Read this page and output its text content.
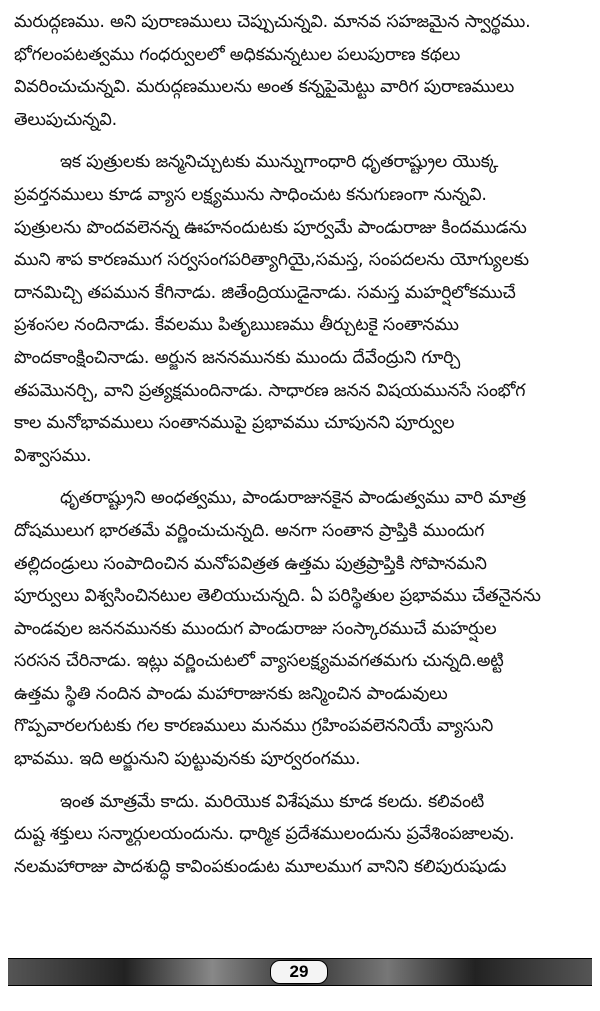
మరుద్గణము. అని పురాణములు చెప్పుచున్నవి. మానవ సహజమైన స్వార్థము.
భోగలంపటత్వము గంధర్వులలో అధికమన్నటుల పలుపురాణ కథలు
వివరించుచున్నవి. మరుద్గణములను అంత కన్నపైమెట్టు వారిగ పురాణములు
తెలుపుచున్నవి.
ఇక పుత్రులకు జన్మనిచ్చుటకు మున్నుగాంధారి ధృతరాష్ట్రుల యొక్క
ప్రవర్తనములు కూడ వ్యాస లక్ష్యమును సాధించుట కనుగుణంగా నున్నవి.
పుత్రులను పొందవలెనన్న ఊహనందుటకు పూర్వమే పాండురాజు కిందముడను
ముని శాప కారణముగ సర్వసంగపరిత్యాగియై,సమస్త, సంపదలను యోగ్యులకు
దానమిచ్చి తపమున కేగినాడు. జితేంద్రియుడైనాడు. సమస్త మహర్షిలోకముచే
ప్రశంసల నందినాడు. కేవలము పితృఋణము తీర్చుటకై సంతానము
పొందకాంక్షించినాడు. అర్జున జననమునకు ముందు దేవేంద్రుని గూర్చి
తపమొనర్చి, వాని ప్రత్యక్షమందినాడు. సాధారణ జనన విషయమునసే సంభోగ
కాల మనోభావములు సంతానముపై ప్రభావము చూపునని పూర్వుల
విశ్వాసము.
ధృతరాష్ట్రుని అంధత్వము, పాండురాజునకైన పాండుత్వము వారి మాత్ర
దోషములుగ భారతమే వర్ణించుచున్నది. అనగా సంతాన ప్రాప్తికి ముందుగ
తల్లిదండ్రులు సంపాదించిన మనోపవిత్రత ఉత్తమ పుత్రప్రాప్తికి సోపానమని
పూర్వులు విశ్వసించినటుల తెలియుచున్నది. ఏ పరిస్థితుల ప్రభావము చేతనైనను
పాండవుల జననమునకు ముందుగ పాండురాజు సంస్కారముచే మహర్షుల
సరసన చేరినాడు. ఇట్లు వర్ణించుటలో వ్యాసలక్ష్యమవగతమగు చున్నది.అట్టి
ఉత్తమ స్థితి నందిన పాండు మహారాజునకు జన్మించిన పాండువులు
గొప్పవారలగుటకు గల కారణములు మనము గ్రహింపవలెననియే వ్యాసుని
భావము. ఇది అర్జునుని పుట్టువునకు పూర్వరంగము.
ఇంత మాత్రమే కాదు. మరియొక విశేషము కూడ కలదు. కలివంటి
దుష్ట శక్తులు సన్మార్గులయందును. ధార్మిక ప్రదేశములందును ప్రవేశింపజాలవు.
నలమహారాజు పాదశుద్ధి కావింపకుండుట మూలముగ వానిని కలిపురుషుడు
29
